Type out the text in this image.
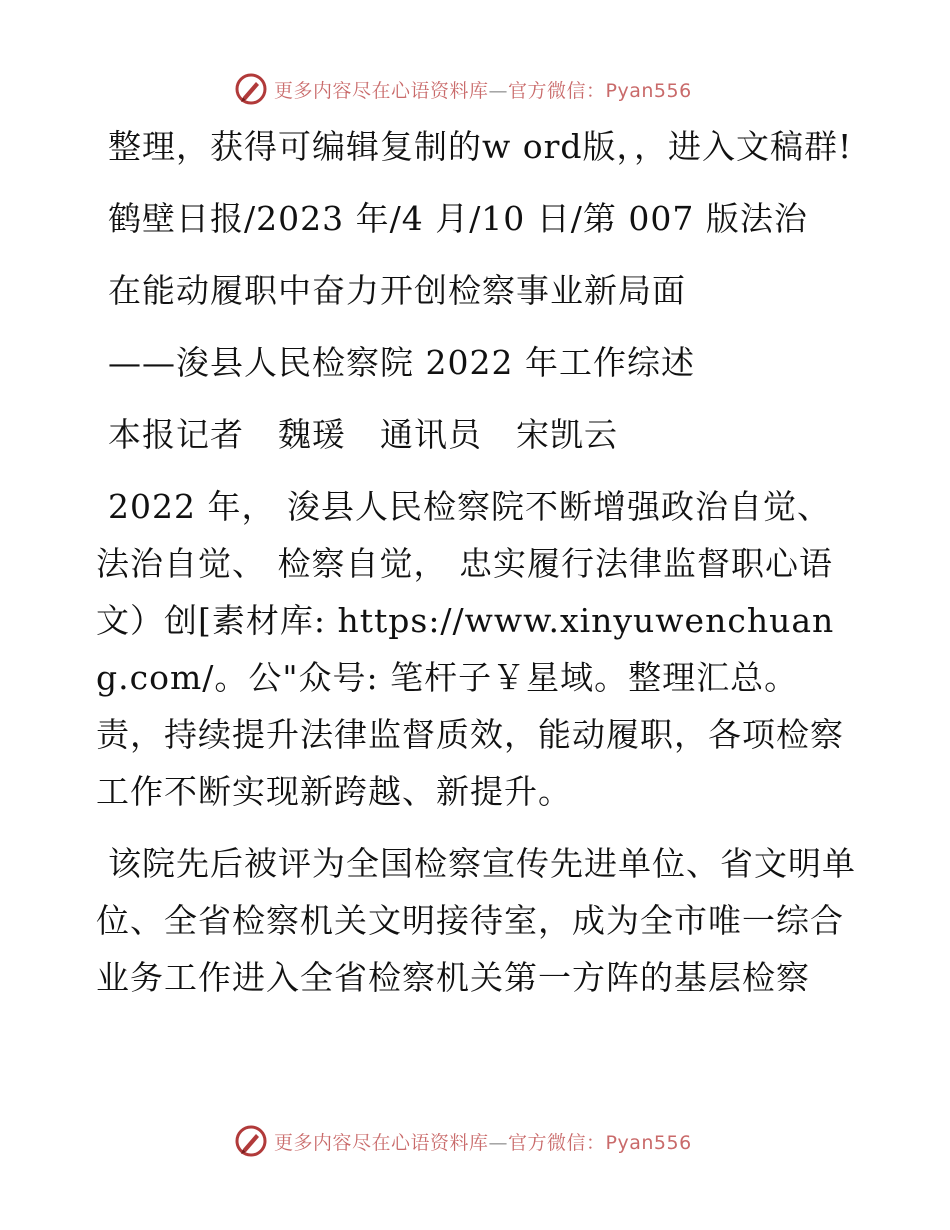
更多内容尽在心语资料库—官方微信：Pyan556

整理，获得可编辑复制的w ord版，，进入文稿群!

鹤壁日报/2023 年/4 月/10 日/第 007 版法治

在能动履职中奋力开创检察事业新局面

——浚县人民检察院 2022 年工作综述

本报记者　魏瑗　通讯员　宋凯云

2022 年， 浚县人民检察院不断增强政治自觉、法治自觉、 检察自觉， 忠实履行法律监督职心语文）创[素材库: https://www.xinyuwenchuang.com/。公"众号: 笔杆子￥星域。整理汇总。责，持续提升法律监督质效，能动履职，各项检察工作不断实现新跨越、新提升。

该院先后被评为全国检察宣传先进单位、省文明单位、全省检察机关文明接待室，成为全市唯一综合业务工作进入全省检察机关第一方阵的基层检察

更多内容尽在心语资料库—官方微信：Pyan556
